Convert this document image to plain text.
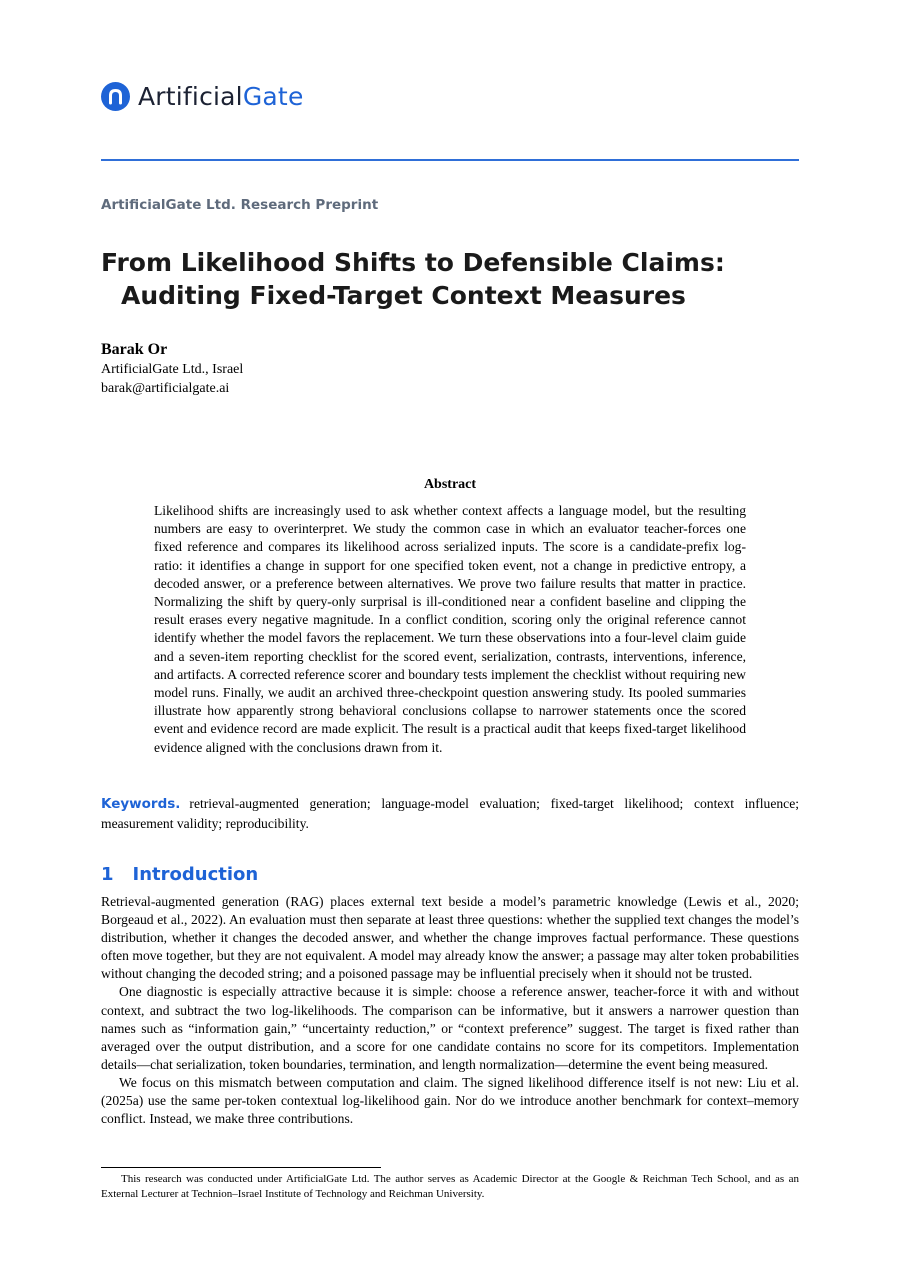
ArtificialGate
ArtificialGate Ltd. Research Preprint
From Likelihood Shifts to Defensible Claims:
Auditing Fixed-Target Context Measures
Barak Or
ArtificialGate Ltd., Israel
barak@artificialgate.ai
Abstract

Likelihood shifts are increasingly used to ask whether context affects a language model, but the resulting numbers are easy to overinterpret. We study the common case in which an evaluator teacher-forces one fixed reference and compares its likelihood across serialized inputs. The score is a candidate-prefix log-ratio: it identifies a change in support for one specified token event, not a change in predictive entropy, a decoded answer, or a preference between alternatives. We prove two failure results that matter in practice. Normalizing the shift by query-only surprisal is ill-conditioned near a confident baseline and clipping the result erases every negative magnitude. In a conflict condition, scoring only the original reference cannot identify whether the model favors the replacement. We turn these observations into a four-level claim guide and a seven-item reporting checklist for the scored event, serialization, contrasts, interventions, inference, and artifacts. A corrected reference scorer and boundary tests implement the checklist without requiring new model runs. Finally, we audit an archived three-checkpoint question answering study. Its pooled summaries illustrate how apparently strong behavioral conclusions collapse to narrower statements once the scored event and evidence record are made explicit. The result is a practical audit that keeps fixed-target likelihood evidence aligned with the conclusions drawn from it.

Keywords. retrieval-augmented generation; language-model evaluation; fixed-target likelihood; context influence; measurement validity; reproducibility.

1 Introduction

Retrieval-augmented generation (RAG) places external text beside a model’s parametric knowledge (Lewis et al., 2020; Borgeaud et al., 2022). An evaluation must then separate at least three questions: whether the supplied text changes the model’s distribution, whether it changes the decoded answer, and whether the change improves factual performance. These questions often move together, but they are not equivalent. A model may already know the answer; a passage may alter token probabilities without changing the decoded string; and a poisoned passage may be influential precisely when it should not be trusted.

One diagnostic is especially attractive because it is simple: choose a reference answer, teacher-force it with and without context, and subtract the two log-likelihoods. The comparison can be informative, but it answers a narrower question than names such as “information gain,” “uncertainty reduction,” or “context preference” suggest. The target is fixed rather than averaged over the output distribution, and a score for one candidate contains no score for its competitors. Implementation details—chat serialization, token boundaries, termination, and length normalization—determine the event being measured.

We focus on this mismatch between computation and claim. The signed likelihood difference itself is not new: Liu et al. (2025a) use the same per-token contextual log-likelihood gain. Nor do we introduce another benchmark for context–memory conflict. Instead, we make three contributions.

This research was conducted under ArtificialGate Ltd. The author serves as Academic Director at the Google & Reichman Tech School, and as an External Lecturer at Technion–Israel Institute of Technology and Reichman University.
